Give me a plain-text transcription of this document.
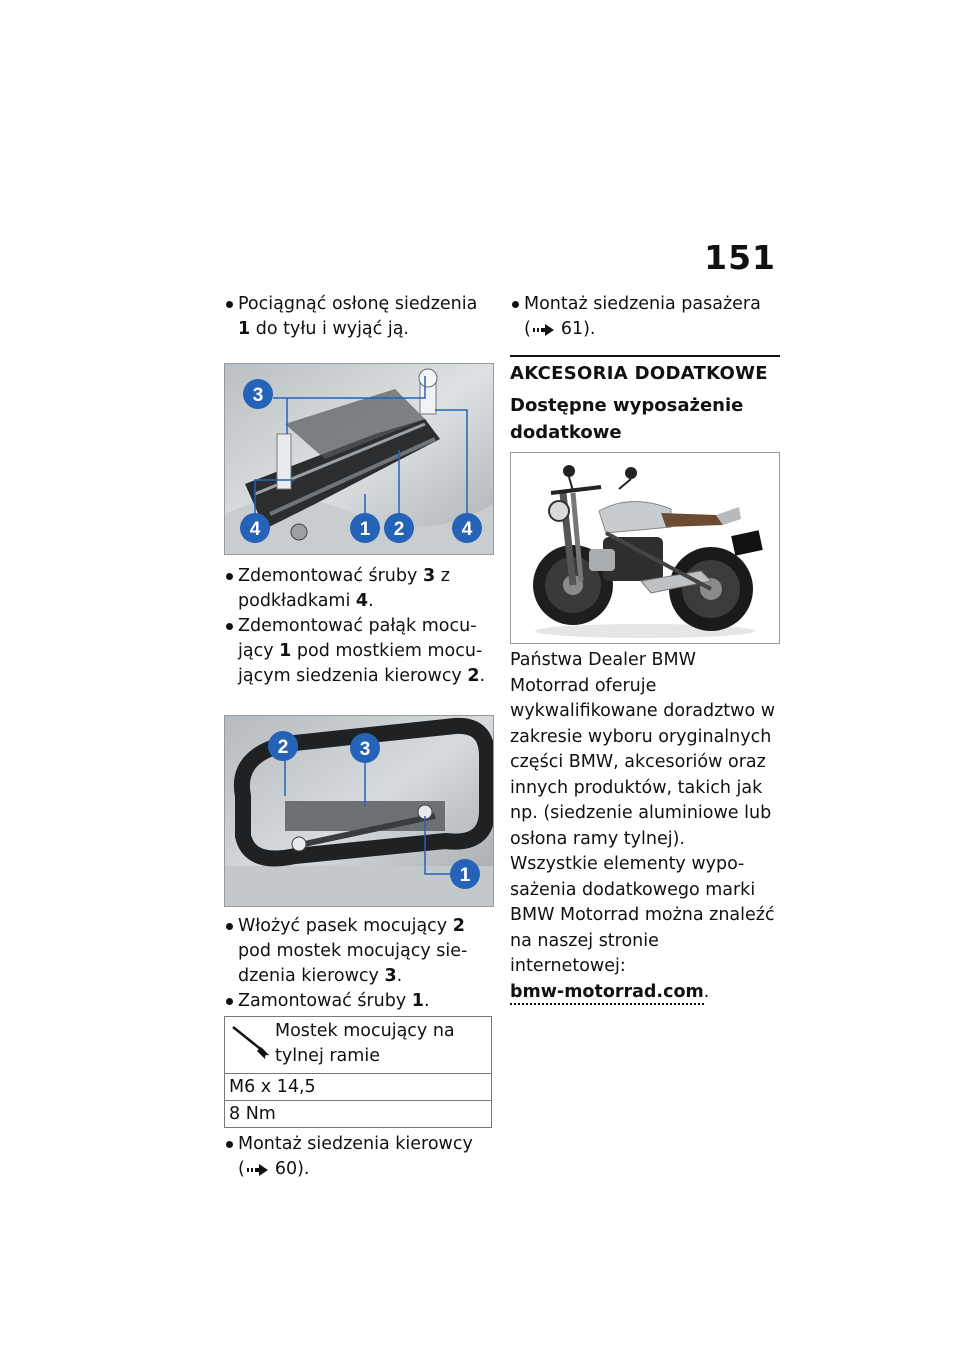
151

Pociągnąć osłonę siedzenia 1 do tyłu i wyjąć ją.

3
4	1 2	4

Zdemontować śruby 3 z podkładkami 4.

Zdemontować pałąk mocujący 1 pod mostkiem mocującym siedzenia kierowcy 2.

2	3
1

Włożyć pasek mocujący 2 pod mostek mocujący siedzenia kierowcy 3.

Zamontować śruby 1.

Mostek mocujący na tylnej ramie

M6 x 14,5
8 Nm

Montaż siedzenia kierowcy

( 60).

Montaż siedzenia pasażera

( 61).

AKCESORIA DODATKOWE
Dostępne wyposażenie dodatkowe

Państwa Dealer BMW Motorrad oferuje wykwalifikowane doradztwo w zakresie wyboru oryginalnych części BMW, akcesoriów oraz innych produktów, takich jak np. (siedzenie aluminiowe lub osłona ramy tylnej).

Wszystkie elementy wyposażenia dodatkowego marki BMW Motorrad można znaleźć na naszej stronie internetowej:
bmw-motorrad.com.
